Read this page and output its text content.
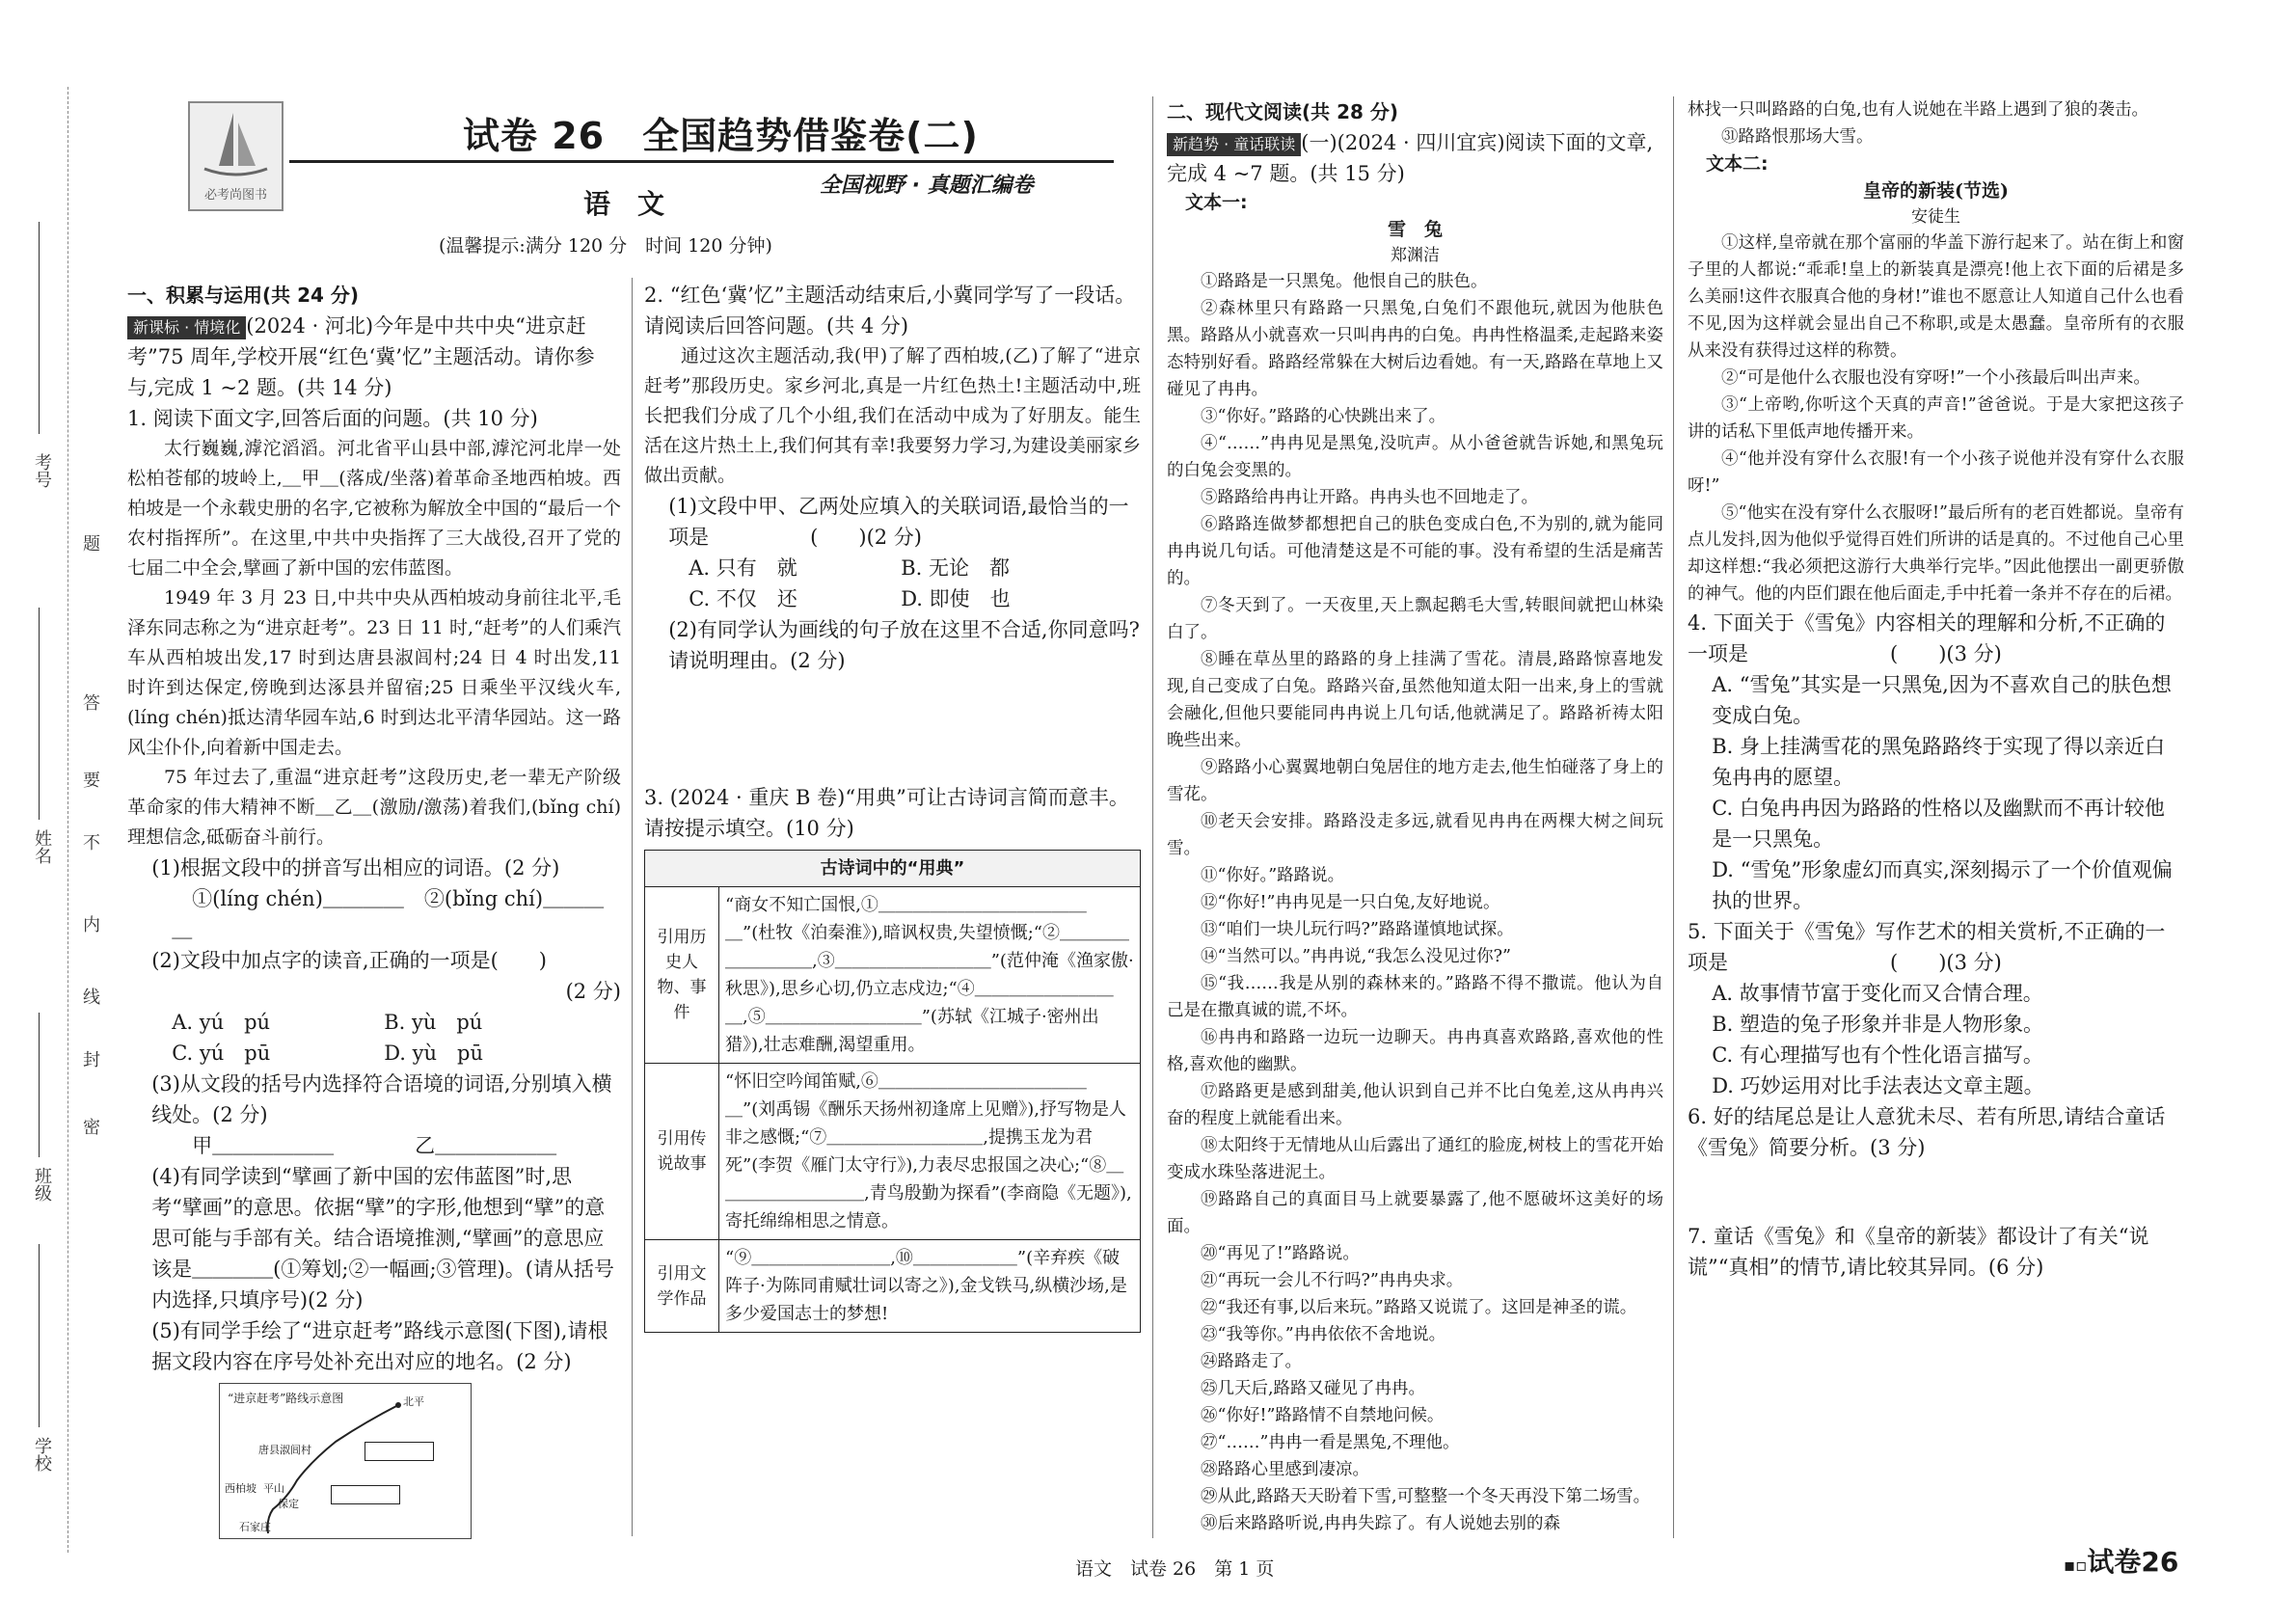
考号
姓名
班级
学校
题
答
要
不
内
线
封
密
必考尚图书
试卷 26　全国趋势借鉴卷(二)
语　文
全国视野 · 真题汇编卷
(温馨提示:满分 120 分　时间 120 分钟)

一、积累与运用(共 24 分)

新课标 · 情境化 (2024 · 河北)今年是中共中央“进京赶考”75 周年,学校开展“红色‘冀’忆”主题活动。请你参与,完成 1 ~2 题。(共 14 分)

1. 阅读下面文字,回答后面的问题。(共 10 分)

太行巍巍,滹沱滔滔。河北省平山县中部,滹沱河北岸一处松柏苍郁的坡岭上,＿甲＿(落成/坐落)着革命圣地西柏坡。西柏坡是一个永载史册的名字,它被称为解放全中国的“最后一个农村指挥所”。在这里,中共中央指挥了三大战役,召开了党的七届二中全会,擘画了新中国的宏伟蓝图。

1949 年 3 月 23 日,中共中央从西柏坡动身前往北平,毛泽东同志称之为“进京赶考”。23 日 11 时,“赶考”的人们乘汽车从西柏坡出发,17 时到达唐县淑闾村;24 日 4 时出发,11 时许到达保定,傍晚到达涿县并留宿;25 日乘坐平汉线火车,(líng chén)抵达清华园车站,6 时到达北平清华园站。这一路风尘仆仆,向着新中国走去。

75 年过去了,重温“进京赶考”这段历史,老一辈无产阶级革命家的伟大精神不断＿乙＿(激励/激荡)着我们,(bǐng chí)理想信念,砥砺奋斗前行。

(1)根据文段中的拼音写出相应的词语。(2 分)

　①(líng chén)＿＿＿＿　②(bǐng chí)＿＿＿＿

(2)文段中加点字的读音,正确的一项是(　　)

(2 分)

A. yú　pú	B. yù　pú
C. yú　pū	D. yù　pū

(3)从文段的括号内选择符合语境的词语,分别填入横线处。(2 分)

　甲＿＿＿＿＿＿　　　　乙＿＿＿＿＿＿

(4)有同学读到“擘画了新中国的宏伟蓝图”时,思考“擘画”的意思。依据“擘”的字形,他想到“擘”的意思可能与手部有关。结合语境推测,“擘画”的意思应该是＿＿＿＿(①筹划;②一幅画;③管理)。(请从括号内选择,只填序号)(2 分)

(5)有同学手绘了“进京赶考”路线示意图(下图),请根据文段内容在序号处补充出对应的地名。(2 分)

“进京赶考”路线示意图	北平
唐县淑闾村
西柏坡 平山
保定
石家庄

2. “红色‘冀’忆”主题活动结束后,小冀同学写了一段话。请阅读后回答问题。(共 4 分)

通过这次主题活动,我(甲)了解了西柏坡,(乙)了解了“进京赶考”那段历史。家乡河北,真是一片红色热土!主题活动中,班长把我们分成了几个小组,我们在活动中成为了好朋友。能生活在这片热土上,我们何其有幸!我要努力学习,为建设美丽家乡做出贡献。

(1)文段中甲、乙两处应填入的关联词语,最恰当的一项是　　　　　(　　)(2 分)

A. 只有　就	B. 无论　都
C. 不仅　还	D. 即使　也

(2)有同学认为画线的句子放在这里不合适,你同意吗?请说明理由。(2 分)

3. (2024 · 重庆 B 卷)“用典”可让古诗词言简而意丰。请按提示填空。(10 分)

古诗词中的“用典”	
引用历史人物、事件	“商女不知亡国恨,①＿＿＿＿＿＿＿＿＿＿＿＿＿”(杜牧《泊秦淮》),暗讽权贵,失望愤慨;“②＿＿＿＿＿＿＿＿＿,③＿＿＿＿＿＿＿＿＿”(范仲淹《渔家傲·秋思》),思乡心切,仍立志戍边;“④＿＿＿＿＿＿＿＿＿,⑤＿＿＿＿＿＿＿＿＿”(苏轼《江城子·密州出猎》),壮志难酬,渴望重用。
引用传说故事	“怀旧空吟闻笛赋,⑥＿＿＿＿＿＿＿＿＿＿＿＿＿”(刘禹锡《酬乐天扬州初逢席上见赠》),抒写物是人非之感慨;“⑦＿＿＿＿＿＿＿＿＿,提携玉龙为君死”(李贺《雁门太守行》),力表尽忠报国之决心;“⑧＿＿＿＿＿＿＿＿＿,青鸟殷勤为探看”(李商隐《无题》),寄托绵绵相思之情意。
引用文学作品	“⑨＿＿＿＿＿＿＿＿,⑩＿＿＿＿＿＿”(辛弃疾《破阵子·为陈同甫赋壮词以寄之》),金戈铁马,纵横沙场,是多少爱国志士的梦想!

二、现代文阅读(共 28 分)

新趋势 · 童话联读 (一)(2024 · 四川宜宾)阅读下面的文章,完成 4 ~7 题。(共 15 分)

文本一:

雪　兔

郑渊洁

①路路是一只黑兔。他恨自己的肤色。

②森林里只有路路一只黑兔,白兔们不跟他玩,就因为他肤色黑。路路从小就喜欢一只叫冉冉的白兔。冉冉性格温柔,走起路来姿态特别好看。路路经常躲在大树后边看她。有一天,路路在草地上又碰见了冉冉。

③“你好。”路路的心快跳出来了。

④“……”冉冉见是黑兔,没吭声。从小爸爸就告诉她,和黑兔玩的白兔会变黑的。

⑤路路给冉冉让开路。冉冉头也不回地走了。

⑥路路连做梦都想把自己的肤色变成白色,不为别的,就为能同冉冉说几句话。可他清楚这是不可能的事。没有希望的生活是痛苦的。

⑦冬天到了。一天夜里,天上飘起鹅毛大雪,转眼间就把山林染白了。

⑧睡在草丛里的路路的身上挂满了雪花。清晨,路路惊喜地发现,自己变成了白兔。路路兴奋,虽然他知道太阳一出来,身上的雪就会融化,但他只要能同冉冉说上几句话,他就满足了。路路祈祷太阳晚些出来。

⑨路路小心翼翼地朝白兔居住的地方走去,他生怕碰落了身上的雪花。

⑩老天会安排。路路没走多远,就看见冉冉在两棵大树之间玩雪。

⑪“你好。”路路说。

⑫“你好!”冉冉见是一只白兔,友好地说。

⑬“咱们一块儿玩行吗?”路路谨慎地试探。

⑭“当然可以。”冉冉说,“我怎么没见过你?”

⑮“我……我是从别的森林来的。”路路不得不撒谎。他认为自己是在撒真诚的谎,不坏。

⑯冉冉和路路一边玩一边聊天。冉冉真喜欢路路,喜欢他的性格,喜欢他的幽默。

⑰路路更是感到甜美,他认识到自己并不比白兔差,这从冉冉兴奋的程度上就能看出来。

⑱太阳终于无情地从山后露出了通红的脸庞,树枝上的雪花开始变成水珠坠落进泥土。

⑲路路自己的真面目马上就要暴露了,他不愿破坏这美好的场面。

⑳“再见了!”路路说。

㉑“再玩一会儿不行吗?”冉冉央求。

㉒“我还有事,以后来玩。”路路又说谎了。这回是神圣的谎。

㉓“我等你。”冉冉依依不舍地说。

㉔路路走了。

㉕几天后,路路又碰见了冉冉。

㉖“你好!”路路情不自禁地问候。

㉗“……”冉冉一看是黑兔,不理他。

㉘路路心里感到凄凉。

㉙从此,路路天天盼着下雪,可整整一个冬天再没下第二场雪。

㉚后来路路听说,冉冉失踪了。有人说她去别的森

林找一只叫路路的白兔,也有人说她在半路上遇到了狼的袭击。

㉛路路恨那场大雪。

文本二:

皇帝的新装(节选)

安徒生

①这样,皇帝就在那个富丽的华盖下游行起来了。站在街上和窗子里的人都说:“乖乖!皇上的新装真是漂亮!他上衣下面的后裙是多么美丽!这件衣服真合他的身材!”谁也不愿意让人知道自己什么也看不见,因为这样就会显出自己不称职,或是太愚蠢。皇帝所有的衣服从来没有获得过这样的称赞。

②“可是他什么衣服也没有穿呀!”一个小孩最后叫出声来。

③“上帝哟,你听这个天真的声音!”爸爸说。于是大家把这孩子讲的话私下里低声地传播开来。

④“他并没有穿什么衣服!有一个小孩子说他并没有穿什么衣服呀!”

⑤“他实在没有穿什么衣服呀!”最后所有的老百姓都说。皇帝有点儿发抖,因为他似乎觉得百姓们所讲的话是真的。不过他自己心里却这样想:“我必须把这游行大典举行完毕。”因此他摆出一副更骄傲的神气。他的内臣们跟在他后面走,手中托着一条并不存在的后裙。

4. 下面关于《雪兔》内容相关的理解和分析,不正确的一项是　　　　　　　(　　)(3 分)

A. “雪兔”其实是一只黑兔,因为不喜欢自己的肤色想变成白兔。

B. 身上挂满雪花的黑兔路路终于实现了得以亲近白兔冉冉的愿望。

C. 白兔冉冉因为路路的性格以及幽默而不再计较他是一只黑兔。

D. “雪兔”形象虚幻而真实,深刻揭示了一个价值观偏执的世界。

5. 下面关于《雪兔》写作艺术的相关赏析,不正确的一项是　　　　　　　　(　　)(3 分)

A. 故事情节富于变化而又合情合理。

B. 塑造的兔子形象并非是人物形象。

C. 有心理描写也有个性化语言描写。

D. 巧妙运用对比手法表达文章主题。

6. 好的结尾总是让人意犹未尽、若有所思,请结合童话《雪兔》简要分析。(3 分)

7. 童话《雪兔》和《皇帝的新装》都设计了有关“说谎”“真相”的情节,请比较其异同。(6 分)

语文　试卷 26　第 1 页	▪▫试卷26
